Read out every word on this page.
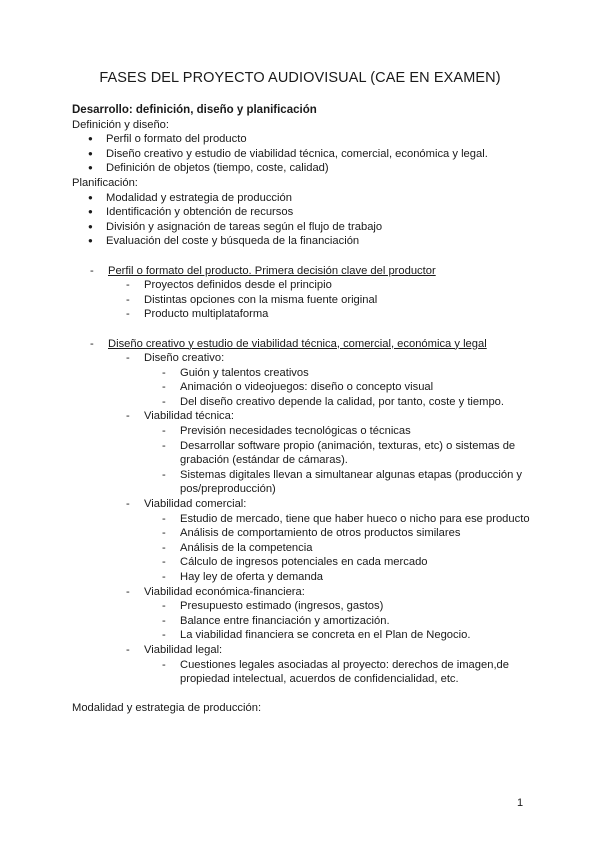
FASES DEL PROYECTO AUDIOVISUAL (CAE EN EXAMEN)
Desarrollo: definición, diseño y planificación
Definición y diseño:
● Perfil o formato del producto
● Diseño creativo y estudio de viabilidad técnica, comercial, económica y legal.
● Definición de objetos (tiempo, coste, calidad)
Planificación:
● Modalidad y estrategia de producción
● Identificación y obtención de recursos
● División y asignación de tareas según el flujo de trabajo
● Evaluación del coste y búsqueda de la financiación
- Perfil o formato del producto. Primera decisión clave del productor
- Proyectos definidos desde el principio
- Distintas opciones con la misma fuente original
- Producto multiplataforma
- Diseño creativo y estudio de viabilidad técnica, comercial, económica y legal
- Diseño creativo:
- Guión y talentos creativos
- Animación o videojuegos: diseño o concepto visual
- Del diseño creativo depende la calidad, por tanto, coste y tiempo.
- Viabilidad técnica:
- Previsión necesidades tecnológicas o técnicas
- Desarrollar software propio (animación, texturas, etc) o sistemas de grabación (estándar de cámaras).
- Sistemas digitales llevan a simultanear algunas etapas (producción y pos/preproducción)
- Viabilidad comercial:
- Estudio de mercado, tiene que haber hueco o nicho para ese producto
- Análisis de comportamiento de otros productos similares
- Análisis de la competencia
- Cálculo de ingresos potenciales en cada mercado
- Hay ley de oferta y demanda
- Viabilidad económica-financiera:
- Presupuesto estimado (ingresos, gastos)
- Balance entre financiación y amortización.
- La viabilidad financiera se concreta en el Plan de Negocio.
- Viabilidad legal:
- Cuestiones legales asociadas al proyecto: derechos de imagen,de propiedad intelectual, acuerdos de confidencialidad, etc.
Modalidad y estrategia de producción:
1
